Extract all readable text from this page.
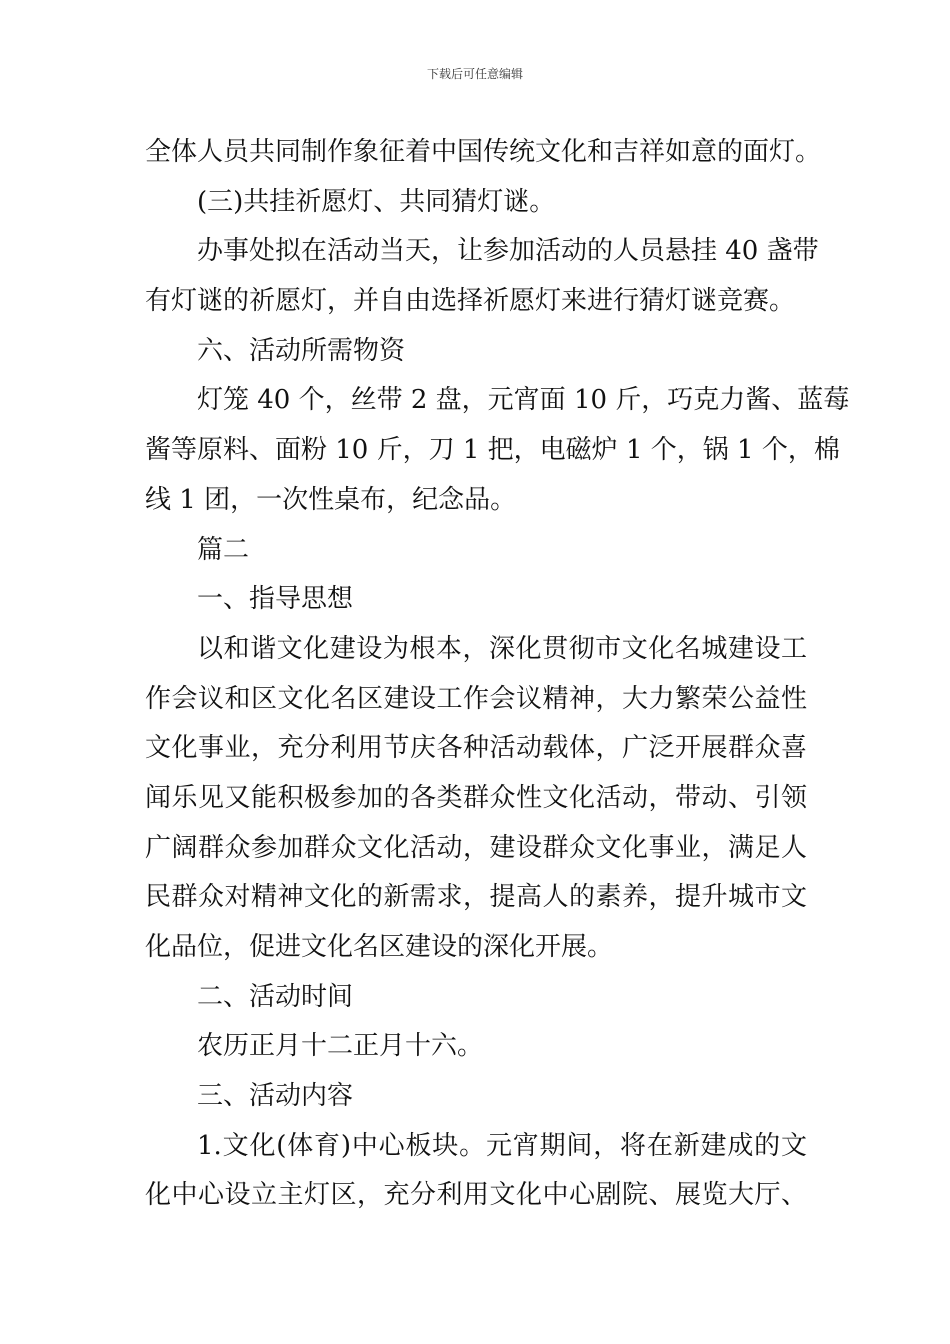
下载后可任意编辑
全体人员共同制作象征着中国传统文化和吉祥如意的面灯。
(三)共挂祈愿灯、共同猜灯谜。
办事处拟在活动当天，让参加活动的人员悬挂 40 盏带
有灯谜的祈愿灯，并自由选择祈愿灯来进行猜灯谜竞赛。
六、活动所需物资
灯笼 40 个，丝带 2 盘，元宵面 10 斤，巧克力酱、蓝莓
酱等原料、面粉 10 斤，刀 1 把，电磁炉 1 个，锅 1 个，棉
线 1 团，一次性桌布，纪念品。
篇二
一、指导思想
以和谐文化建设为根本，深化贯彻市文化名城建设工
作会议和区文化名区建设工作会议精神，大力繁荣公益性
文化事业，充分利用节庆各种活动载体，广泛开展群众喜
闻乐见又能积极参加的各类群众性文化活动，带动、引领
广阔群众参加群众文化活动，建设群众文化事业，满足人
民群众对精神文化的新需求，提高人的素养，提升城市文
化品位，促进文化名区建设的深化开展。
二、活动时间
农历正月十二正月十六。
三、活动内容
1.文化(体育)中心板块。元宵期间，将在新建成的文
化中心设立主灯区，充分利用文化中心剧院、展览大厅、
